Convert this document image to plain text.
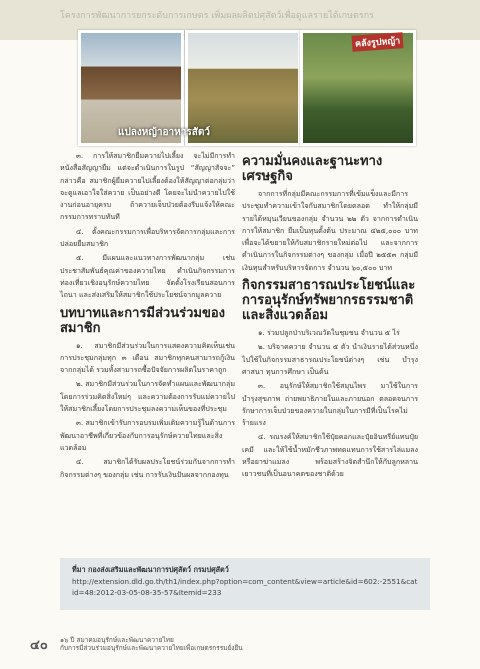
โครงการพัฒนาการยกระดับการเกษตร เพิ่มผลผลิตปศุสัตว์เพื่อดูแลรายได้เกษตรกร
คลังรูปหญ้า
แปลงหญ้าอาหารสัตว์

๓. การให้สมาชิกยืมควายไปเลี้ยง จะไม่มีการทำหนังสือสัญญายืม แต่จะดำเนินการในรูป “สัญญาสัจจะ” กล่าวคือ สมาชิกผู้ยืมควายไปเลี้ยงต้องให้สัญญาต่อกลุ่มว่าจะดูแลเอาใจใส่ควาย เป็นอย่างดี โดยจะไม่นำควายไปใช้งานก่อนอายุครบ ถ้าควายเจ็บป่วยต้องรีบแจ้งให้คณะกรรมการทราบทันที

๔. ตั้งคณะกรรมการเพื่อบริหารจัดการกลุ่มและการปล่อยยืมสมาชิก

๕. มีแผนและแนวทางการพัฒนากลุ่ม เช่น ประชาสัมพันธ์คุณค่าของควายไทย ดำเนินกิจกรรมการท่องเที่ยวเชิงอนุรักษ์ควายไทย จัดตั้งโรงเรียนสอนการไถนา และส่งเสริมให้สมาชิกใช้ประโยชน์จากมูลควาย

บทบาทและการมีส่วนร่วมของสมาชิก

๑. สมาชิกมีส่วนร่วมในการแสดงความคิดเห็นเช่น การประชุมกลุ่มทุก ๓ เดือน สมาชิกทุกคนสามารถกู้เงินจากกลุ่มได้ รวมทั้งสามารถซื้อปัจจัยการผลิตในราคาถูก

๒. สมาชิกมีส่วนร่วมในการจัดทำแผนและพัฒนากลุ่ม โดยการร่วมคิดสิ่งใหม่ๆ และความต้องการรับแม่ควายไปให้สมาชิกเลี้ยงโดยการประชุมลงความเห็นของที่ประชุม

๓. สมาชิกเข้ารับการอบรมเพิ่มเติมความรู้ในด้านการพัฒนาอาชีพที่เกี่ยวข้องกับการอนุรักษ์ควายไทยและสิ่งแวดล้อม

๔. สมาชิกได้รับผลประโยชน์ร่วมกันจากการทำกิจกรรมต่างๆ ของกลุ่ม เช่น การรับเงินปันผลจากกองทุน

ความมั่นคงและฐานะทางเศรษฐกิจ

จากการที่กลุ่มมีคณะกรรมการที่เข้มแข็งและมีการประชุมทำความเข้าใจกับสมาชิกโดยตลอด ทำให้กลุ่มมีรายได้หมุนเวียนของกลุ่ม จำนวน ๒๒ ตัว จากการดำเนินการให้สมาชิก ยืมเป็นทุนตั้งต้น ประมาณ ๔๒๕,๐๐๐ บาท เพื่อจะได้ขยายให้กับสมาชิกรายใหม่ต่อไป และจากการดำเนินการในกิจกรรมต่างๆ ของกลุ่ม เมื่อปี ๒๕๕๓ กลุ่มมีเงินทุนสำหรับบริหารจัดการ จำนวน ๖๐,๕๐๐ บาท

กิจกรรมสาธารณประโยชน์และการอนุรักษ์ทรัพยากรธรรมชาติและสิ่งแวดล้อม

๑. ร่วมปลูกป่าบริเวณวัดในชุมชน จำนวน ๕ ไร่

๒. บริจาคควาย จำนวน ๕ ตัว นำเงินรายได้ส่วนหนึ่งไปใช้ในกิจกรรมสาธารณประโยชน์ต่างๆ เช่น บำรุงศาสนา ทุนการศึกษา เป็นต้น

๓. อนุรักษ์ให้สมาชิกใช้สมุนไพร มาใช้ในการบำรุงสุขภาพ ถ่ายพยาธิภายในและภายนอก ตลอดจนการรักษาการเจ็บป่วยของควายในกลุ่มในการมีที่เป็นโรคไม่ร้ายแรง

๔. รณรงค์ให้สมาชิกใช้ปุ๋ยคอกและปุ๋ยอินทรีย์แทนปุ๋ยเคมี และให้ใช้น้ำหมักชีวภาพทดแทนการใช้สารไล่แมลงหรือยาฆ่าแมลง พร้อมสร้างจิตสำนึกให้กับลูกหลานเยาวชนที่เป็นอนาคตของชาติด้วย

ที่มา กองส่งเสริมและพัฒนาการปศุสัตว์ กรมปศุสัตว์
http://extension.dld.go.th/th1/index.php?option=com_content&view=article&id=602:-2551&catid=48:2012-03-05-08-35-57&Itemid=233
๔๐ ๑๖ ปี สมาคมอนุรักษ์และพัฒนาควายไทย
กับการมีส่วนร่วมอนุรักษ์และพัฒนาควายไทยเพื่อเกษตรกรรมยั่งยืน
